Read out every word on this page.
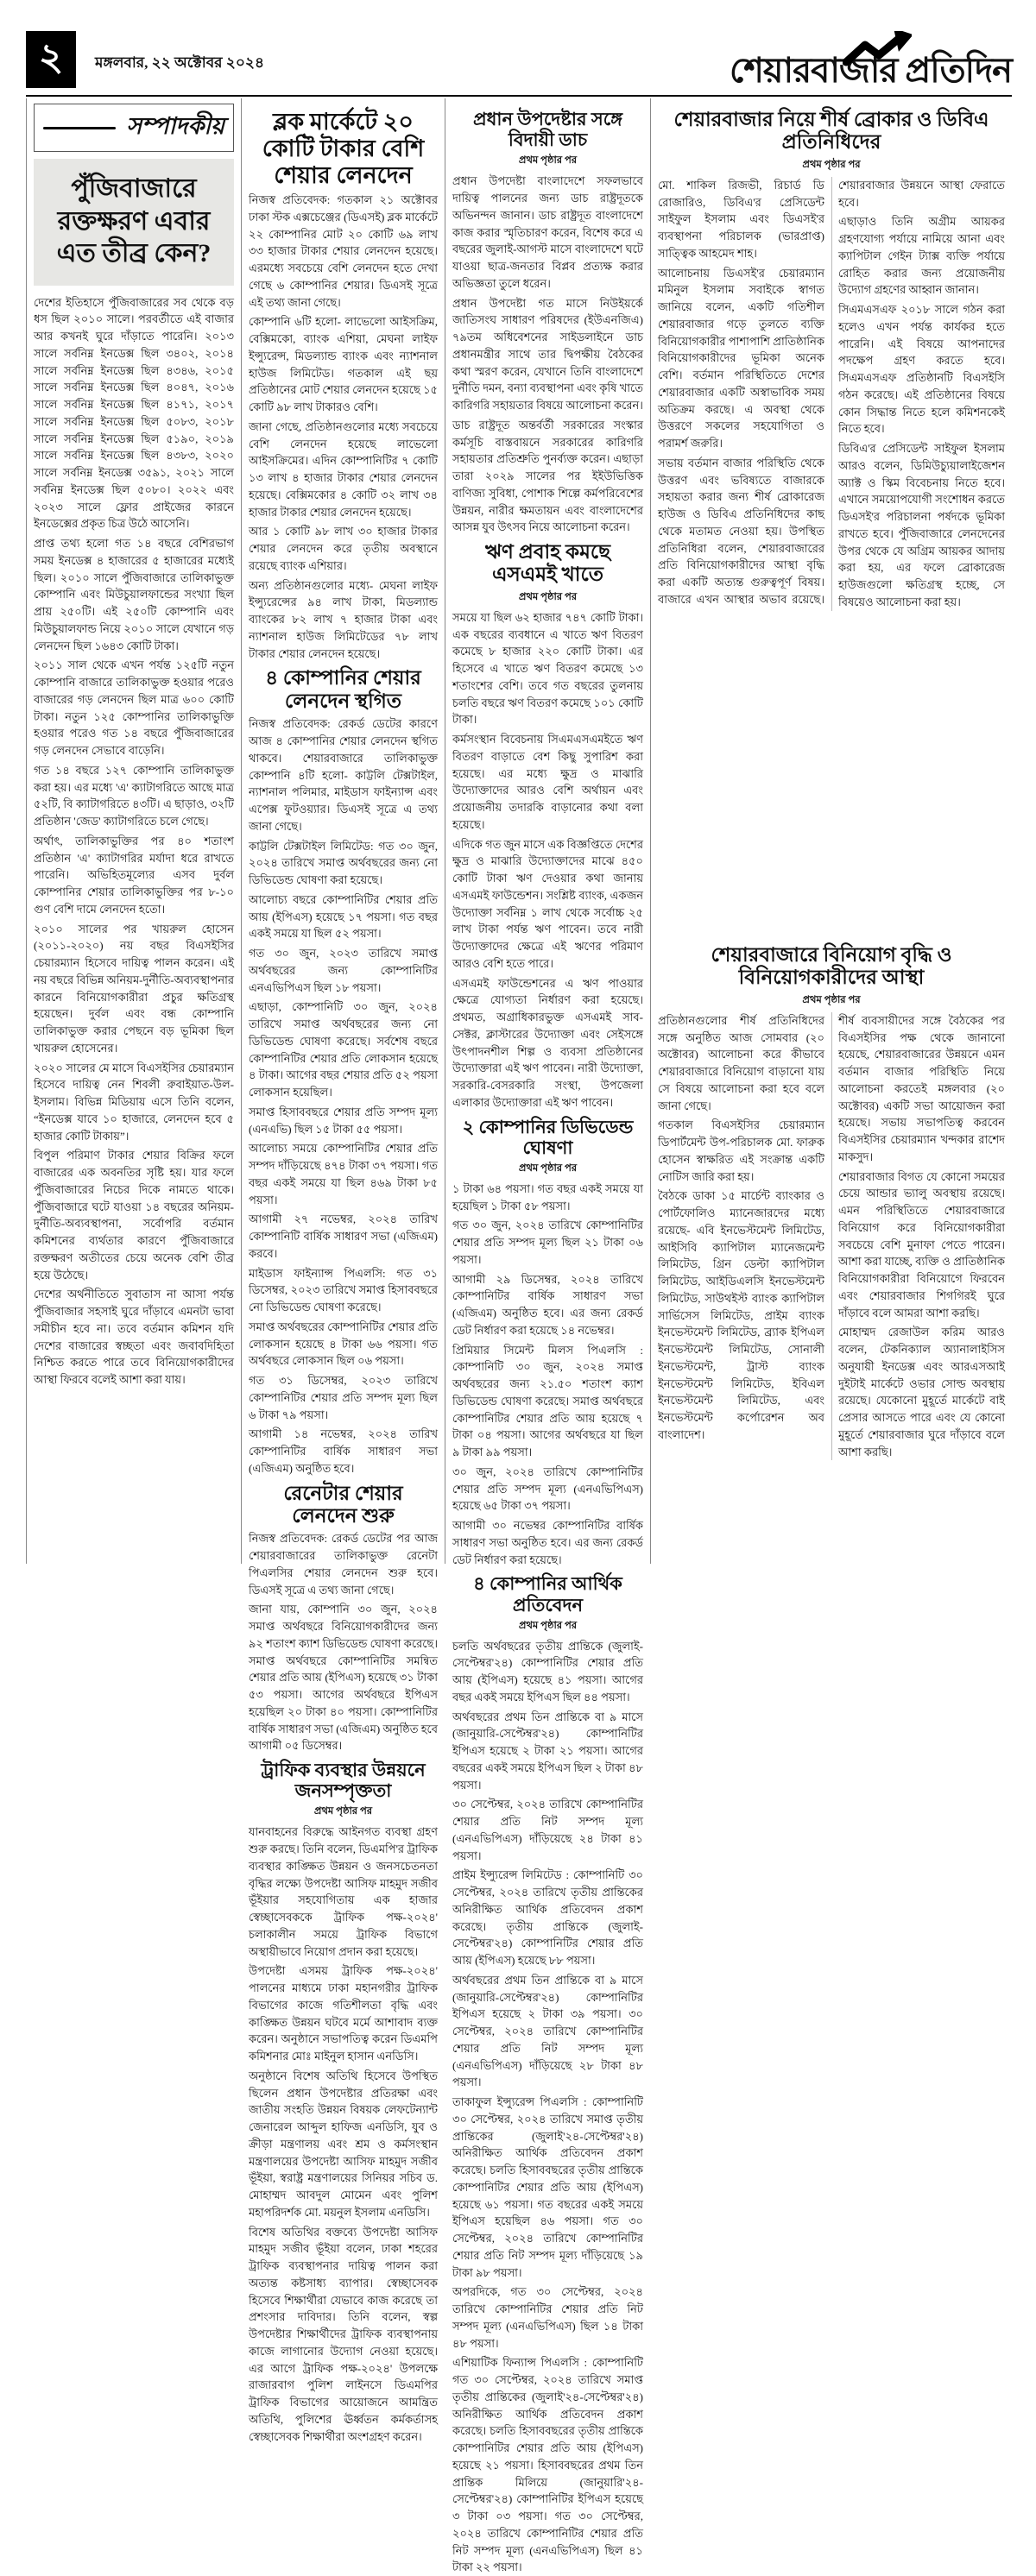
২ মঙ্গলবার, ২২ অক্টোবর ২০২৪	শেয়ারবাজার প্রতিদিন
সম্পাদকীয়
পুঁজিবাজারে রক্তক্ষরণ এবার এত তীব্র কেন?

দেশের ইতিহাসে পুঁজিবাজারের সব থেকে বড় ধস ছিল ২০১০ সালে। পরবর্তীতে এই বাজার আর কখনই ঘুরে দাঁড়াতে পারেনি। ২০১৩ সালে সর্বনিম্ন ইনডেক্স ছিল ৩৪০২, ২০১৪ সালে সর্বনিম্ন ইনডেক্স ছিল ৪৩৪৬, ২০১৫ সালে সর্বনিম্ন ইনডেক্স ছিল ৪০৪৭, ২০১৬ সালে সর্বনিম্ন ইনডেক্স ছিল ৪১৭১, ২০১৭ সালে সর্বনিম্ন ইনডেক্স ছিল ৫০৮৩, ২০১৮ সালে সর্বনিম্ন ইনডেক্স ছিল ৫১৯০, ২০১৯ সালে সর্বনিম্ন ইনডেক্স ছিল ৪৩৮৩, ২০২০ সালে সর্বনিম্ন ইনডেক্স ৩৫৯১, ২০২১ সালে সর্বনিম্ন ইনডেক্স ছিল ৫০৮০। ২০২২ এবং ২০২৩ সালে ফ্লোর প্রাইজের কারনে ইনডেক্সের প্রকৃত চিত্র উঠে আসেনি।

প্রাপ্ত তথ্য হলো গত ১৪ বছরে বেশিরভাগ সময় ইনডেক্স ৪ হাজারের ৫ হাজারের মধ্যেই ছিল। ২০১০ সালে পুঁজিবাজারে তালিকাভুক্ত কোম্পানি এবং মিউচুয়ালফান্ডের সংখ্যা ছিল প্রায় ২৫০টি। এই ২৫০টি কোম্পানি এবং মিউচুয়ালফান্ড নিয়ে ২০১০ সালে যেখানে গড় লেনদেন ছিল ১৬৪৩ কোটি টাকা।

২০১১ সাল থেকে এখন পর্যন্ত ১২৫টি নতুন কোম্পানি বাজারে তালিকাভুক্ত হওয়ার পরেও বাজারের গড় লেনদেন ছিল মাত্র ৬০০ কোটি টাকা। নতুন ১২৫ কোম্পানির তালিকাভুক্তি হওয়ার পরেও গত ১৪ বছরে পুঁজিবাজারের গড় লেনদেন সেভাবে বাড়েনি।

গত ১৪ বছরে ১২৭ কোম্পানি তালিকাভুক্ত করা হয়। এর মধ্যে 'এ' ক্যাটাগরিতে আছে মাত্র ৫২টি, বি ক্যাটাগরিতে ৪৩টি। এ ছাড়াও, ৩২টি প্রতিষ্ঠান 'জেড' ক্যাটাগরিতে চলে গেছে।

অর্থাৎ, তালিকাভুক্তির পর ৪০ শতাংশ প্রতিষ্ঠান 'এ' ক্যাটাগরির মর্যাদা ধরে রাখতে পারেনি। অভিহিতমূল্যের এসব দুর্বল কোম্পানির শেয়ার তালিকাভুক্তির পর ৮-১০ গুণ বেশি দামে লেনদেন হতো।

২০১০ সালের পর খায়রুল হোসেন (২০১১-২০২০) নয় বছর বিএসইসির চেয়ারম্যান হিসেবে দায়িত্ব পালন করেন। এই নয় বছরে বিভিন্ন অনিয়ম-দুর্নীতি-অব্যবস্থাপনার কারনে বিনিয়োগকারীরা প্রচুর ক্ষতিগ্রস্থ হয়েছেন। দুর্বল এবং বন্ধ কোম্পানি তালিকাভুক্ত করার পেছনে বড় ভূমিকা ছিল খায়রুল হোসেনের।

২০২০ সালের মে মাসে বিএসইসির চেয়ারম্যান হিসেবে দায়িত্ব নেন শিবলী রুবাইয়াত-উল-ইসলাম। বিভিন্ন মিডিয়ায় এসে তিনি বলেন, “ইনডেক্স যাবে ১০ হাজারে, লেনদেন হবে ৫ হাজার কোটি টাকায়”।

বিপুল পরিমাণ টাকার শেয়ার বিক্রির ফলে বাজারের এক অবনতির সৃষ্টি হয়। যার ফলে পুঁজিবাজারের নিচের দিকে নামতে থাকে। পুঁজিবাজারে ঘটে যাওয়া ১৪ বছরের অনিয়ম-দুর্নীতি-অব্যবস্থাপনা, সর্বোপরি বর্তমান কমিশনের ব্যর্থতার কারণে পুঁজিবাজারে রক্তক্ষরণ অতীতের চেয়ে অনেক বেশি তীব্র হয়ে উঠেছে।

দেশের অর্থনীতিতে সুবাতাস না আসা পর্যন্ত পুঁজিবাজার সহসাই ঘুরে দাঁড়াবে এমনটা ভাবা সমীচীন হবে না। তবে বর্তমান কমিশন যদি দেশের বাজারের স্বচ্ছতা এবং জবাবদিহিতা নিশ্চিত করতে পারে তবে বিনিয়োগকারীদের আস্থা ফিরবে বলেই আশা করা যায়।

ব্লক মার্কেটে ২০ কোটি টাকার বেশি শেয়ার লেনদেন

নিজস্ব প্রতিবেদক: গতকাল ২১ অক্টোবর ঢাকা স্টক এক্সচেঞ্জের (ডিএসই) ব্লক মার্কেটে ২২ কোম্পানির মোট ২০ কোটি ৬৯ লাখ ৩৩ হাজার টাকার শেয়ার লেনদেন হয়েছে। এরমধ্যে সবচেয়ে বেশি লেনদেন হতে দেখা গেছে ৬ কোম্পানির শেয়ার। ডিএসই সূত্রে এই তথ্য জানা গেছে।

কোম্পানি ৬টি হলো- লাভেলো আইসক্রিম, বেক্সিমকো, ব্যাংক এশিয়া, মেঘনা লাইফ ইন্স্যুরেন্স, মিডল্যান্ড ব্যাংক এবং ন্যাশনাল হাউজ লিমিটেড। গতকাল এই ছয় প্রতিষ্ঠানের মোট শেয়ার লেনদেন হয়েছে ১৫ কোটি ৯৮ লাখ টাকারও বেশি।

জানা গেছে, প্রতিষ্ঠানগুলোর মধ্যে সবচেয়ে বেশি লেনদেন হয়েছে লাভেলো আইসক্রিমের। এদিন কোম্পানিটির ৭ কোটি ১৩ লাখ ৪ হাজার টাকার শেয়ার লেনদেন হয়েছে। বেক্সিমকোর ৪ কোটি ৩২ লাখ ৩৪ হাজার টাকার শেয়ার লেনদেন হয়েছে।

আর ১ কোটি ৯৮ লাখ ৩০ হাজার টাকার শেয়ার লেনদেন করে তৃতীয় অবস্থানে রয়েছে ব্যাংক এশিয়ার।

অন্য প্রতিষ্ঠানগুলোর মধ্যে- মেঘনা লাইফ ইন্স্যুরেন্সের ৯৪ লাখ টাকা, মিডল্যান্ড ব্যাংকের ৮২ লাখ ৭ হাজার টাকা এবং ন্যাশনাল হাউজ লিমিটেডের ৭৮ লাখ টাকার শেয়ার লেনদেন হয়েছে।

৪ কোম্পানির শেয়ার লেনদেন স্থগিত

নিজস্ব প্রতিবেদক: রেকর্ড ডেটের কারণে আজ ৪ কোম্পানির শেয়ার লেনদেন স্থগিত থাকবে। শেয়ারবাজারে তালিকাভুক্ত কোম্পানি ৪টি হলো- কাট্টলি টেক্সটাইল, ন্যাশনাল পলিমার, মাইডাস ফাইন্যান্স এবং এপেক্স ফুটওয়্যার। ডিএসই সূত্রে এ তথ্য জানা গেছে।

কাট্টলি টেক্সটাইল লিমিটেড: গত ৩০ জুন, ২০২৪ তারিখে সমাপ্ত অর্থবছরের জন্য নো ডিভিডেন্ড ঘোষণা করা হয়েছে।

আলোচ্য বছরে কোম্পানিটির শেয়ার প্রতি আয় (ইপিএস) হয়েছে ১৭ পয়সা। গত বছর একই সময়ে যা ছিল ৫২ পয়সা।

গত ৩০ জুন, ২০২৩ তারিখে সমাপ্ত অর্থবছরের জন্য কোম্পানিটির এনএভিপিএস ছিল ১৮ পয়সা।

এছাড়া, কোম্পানিটি ৩০ জুন, ২০২৪ তারিখে সমাপ্ত অর্থবছরের জন্য নো ডিভিডেন্ড ঘোষণা করেছে। সর্বশেষ বছরে কোম্পানিটির শেয়ার প্রতি লোকসান হয়েছে ৪ টাকা। আগের বছর শেয়ার প্রতি ৫২ পয়সা লোকসান হয়েছিল।

সমাপ্ত হিসাববছরে শেয়ার প্রতি সম্পদ মূল্য (এনএভি) ছিল ১৫ টাকা ৫৫ পয়সা।

আলোচ্য সময়ে কোম্পানিটির শেয়ার প্রতি সম্পদ দাঁড়িয়েছে ৪৭৪ টাকা ৩৭ পয়সা। গত বছর একই সময়ে যা ছিল ৪৬৯ টাকা ৮৫ পয়সা।

আগামী ২৭ নভেম্বর, ২০২৪ তারিখ কোম্পানিটি বার্ষিক সাধারণ সভা (এজিএম) করবে।

মাইডাস ফাইন্যান্স পিএলসি: গত ৩১ ডিসেম্বর, ২০২৩ তারিখে সমাপ্ত হিসাববছরে নো ডিভিডেন্ড ঘোষণা করেছে।

সমাপ্ত অর্থবছরের কোম্পানিটির শেয়ার প্রতি লোকসান হয়েছে ৪ টাকা ৬৬ পয়সা। গত অর্থবছরে লোকসান ছিল ০৬ পয়সা।

গত ৩১ ডিসেম্বর, ২০২৩ তারিখে কোম্পানিটির শেয়ার প্রতি সম্পদ মূল্য ছিল ৬ টাকা ৭৯ পয়সা।

আগামী ১৪ নভেম্বর, ২০২৪ তারিখ কোম্পানিটির বার্ষিক সাধারণ সভা (এজিএম) অনুষ্ঠিত হবে।

রেনেটার শেয়ার লেনদেন শুরু

নিজস্ব প্রতিবেদক: রেকর্ড ডেটের পর আজ শেয়ারবাজারের তালিকাভুক্ত রেনেটা পিএলসির শেয়ার লেনদেন শুরু হবে। ডিএসই সূত্রে এ তথ্য জানা গেছে।

জানা যায়, কোম্পানি ৩০ জুন, ২০২৪ সমাপ্ত অর্থবছরে বিনিয়োগকারীদের জন্য ৯২ শতাংশ ক্যাশ ডিভিডেন্ড ঘোষণা করেছে। সমাপ্ত অর্থবছরে কোম্পানিটির সমন্বিত শেয়ার প্রতি আয় (ইপিএস) হয়েছে ৩১ টাকা ৫৩ পয়সা। আগের অর্থবছরে ইপিএস হয়েছিল ২০ টাকা ৪০ পয়সা। কোম্পানিটির বার্ষিক সাধারণ সভা (এজিএম) অনুষ্ঠিত হবে আগামী ০৫ ডিসেম্বর।

ট্রাফিক ব্যবস্থার উন্নয়নে জনসম্পৃক্ততা
প্রথম পৃষ্ঠার পর

যানবাহনের বিরুদ্ধে আইনগত ব্যবস্থা গ্রহণ শুরু করছে। তিনি বলেন, ডিএমপি'র ট্রাফিক ব্যবস্থার কাঙ্ক্ষিত উন্নয়ন ও জনসচেতনতা বৃদ্ধির লক্ষ্যে উপদেষ্টা আসিফ মাহমুদ সজীব ভূঁইয়ার সহযোগিতায় এক হাজার স্বেচ্ছাসেবককে ট্রাফিক পক্ষ-২০২৪' চলাকালীন সময়ে ট্রাফিক বিভাগে অস্থায়ীভাবে নিয়োগ প্রদান করা হয়েছে।

উপদেষ্টা এসময় ট্রাফিক পক্ষ-২০২৪' পালনের মাধ্যমে ঢাকা মহানগরীর ট্রাফিক বিভাগের কাজে গতিশীলতা বৃদ্ধি এবং কাঙ্ক্ষিত উন্নয়ন ঘটবে মর্মে আশাবাদ ব্যক্ত করেন। অনুষ্ঠানে সভাপতিত্ব করেন ডিএমপি কমিশনার মোঃ মাইনুল হাসান এনডিসি।

অনুষ্ঠানে বিশেষ অতিথি হিসেবে উপস্থিত ছিলেন প্রধান উপদেষ্টার প্রতিরক্ষা এবং জাতীয় সংহতি উন্নয়ন বিষয়ক লেফটেন্যান্ট জেনারেল আব্দুল হাফিজ এনডিসি, যুব ও ক্রীড়া মন্ত্রণালয় এবং শ্রম ও কর্মসংস্থান মন্ত্রণালয়ের উপদেষ্টা আসিফ মাহমুদ সজীব ভূঁইয়া, স্বরাষ্ট্র মন্ত্রণালয়ের সিনিয়র সচিব ড. মোহাম্মদ আবদুল মোমেন এবং পুলিশ মহাপরিদর্শক মো. ময়নুল ইসলাম এনডিসি।

বিশেষ অতিথির বক্তব্যে উপদেষ্টা আসিফ মাহমুদ সজীব ভূঁইয়া বলেন, ঢাকা শহরের ট্রাফিক ব্যবস্থাপনার দায়িত্ব পালন করা অত্যন্ত কষ্টসাধ্য ব্যাপার। স্বেচ্ছাসেবক হিসেবে শিক্ষার্থীরা যেভাবে কাজ করেছে তা প্রশংসার দাবিদার। তিনি বলেন, স্বল্প উপদেষ্টার শিক্ষার্থীদের ট্রাফিক ব্যবস্থাপনায় কাজে লাগানোর উদ্যোগ নেওয়া হয়েছে। এর আগে ট্রাফিক পক্ষ-২০২৪' উপলক্ষে রাজারবাগ পুলিশ লাইনসে ডিএমপির ট্রাফিক বিভাগের আয়োজনে আমন্ত্রিত অতিথি, পুলিশের ঊর্ধ্বতন কর্মকর্তাসহ স্বেচ্ছাসেবক শিক্ষার্থীরা অংশগ্রহণ করেন।

প্রধান উপদেষ্টার সঙ্গে বিদায়ী ডাচ
প্রথম পৃষ্ঠার পর

প্রধান উপদেষ্টা বাংলাদেশে সফলভাবে দায়িত্ব পালনের জন্য ডাচ রাষ্ট্রদূতকে অভিনন্দন জানান। ডাচ রাষ্ট্রদূত বাংলাদেশে কাজ করার স্মৃতিচারণ করেন, বিশেষ করে এ বছরের জুলাই-আগস্ট মাসে বাংলাদেশে ঘটে যাওয়া ছাত্র-জনতার বিপ্লব প্রত্যক্ষ করার অভিজ্ঞতা তুলে ধরেন।

প্রধান উপদেষ্টা গত মাসে নিউইয়র্কে জাতিসংঘ সাধারণ পরিষদের (ইউএনজিএ) ৭৯তম অধিবেশনের সাইডলাইনে ডাচ প্রধানমন্ত্রীর সাথে তার দ্বিপক্ষীয় বৈঠকের কথা স্মরণ করেন, যেখানে তিনি বাংলাদেশে দুর্নীতি দমন, বন্যা ব্যবস্থাপনা এবং কৃষি খাতে কারিগরি সহায়তার বিষয়ে আলোচনা করেন।

ডাচ রাষ্ট্রদূত অন্তর্বর্তী সরকারের সংস্কার কর্মসূচি বাস্তবায়নে সরকারের কারিগরি সহায়তার প্রতিশ্রুতি পুনর্ব্যক্ত করেন। এছাড়া তারা ২০২৯ সালের পর ইইউভিত্তিক বাণিজ্য সুবিধা, পোশাক শিল্পে কর্মপরিবেশের উন্নয়ন, নারীর ক্ষমতায়ন এবং বাংলাদেশের আসন্ন যুব উৎসব নিয়ে আলোচনা করেন।

ঋণ প্রবাহ কমছে এসএমই খাতে
প্রথম পৃষ্ঠার পর

সময়ে যা ছিল ৬২ হাজার ৭৪৭ কোটি টাকা। এক বছরের ব্যবধানে এ খাতে ঋণ বিতরণ কমেছে ৮ হাজার ২২০ কোটি টাকা। এর হিসেবে এ খাতে ঋণ বিতরণ কমেছে ১৩ শতাংশের বেশি। তবে গত বছরের তুলনায় চলতি বছরে ঋণ বিতরণ কমেছে ১০১ কোটি টাকা।

কর্মসংস্থান বিবেচনায় সিএমএসএমইতে ঋণ বিতরণ বাড়াতে বেশ কিছু সুপারিশ করা হয়েছে। এর মধ্যে ক্ষুদ্র ও মাঝারি উদ্যোক্তাদের আরও বেশি অর্থায়ন এবং প্রয়োজনীয় তদারকি বাড়ানোর কথা বলা হয়েছে।

এদিকে গত জুন মাসে এক বিজ্ঞপ্তিতে দেশের ক্ষুদ্র ও মাঝারি উদ্যোক্তাদের মাঝে ৪৫০ কোটি টাকা ঋণ দেওয়ার কথা জানায় এসএমই ফাউন্ডেশন। সংশ্লিষ্ট ব্যাংক, একজন উদ্যোক্তা সর্বনিম্ন ১ লাখ থেকে সর্বোচ্চ ২৫ লাখ টাকা পর্যন্ত ঋণ পাবেন। তবে নারী উদ্যোক্তাদের ক্ষেত্রে এই ঋণের পরিমাণ আরও বেশি হতে পারে।

এসএমই ফাউন্ডেশনের এ ঋণ পাওয়ার ক্ষেত্রে যোগ্যতা নির্ধারণ করা হয়েছে। প্রথমত, অগ্রাধিকারভুক্ত এসএমই সাব-সেক্টর, ক্লাস্টারের উদ্যোক্তা এবং সেইসঙ্গে উৎপাদনশীল শিল্প ও ব্যবসা প্রতিষ্ঠানের উদ্যোক্তারা এই ঋণ পাবেন। নারী উদ্যোক্তা, সরকারি-বেসরকারি সংস্থা, উপজেলা এলাকার উদ্যোক্তারা এই ঋণ পাবেন।

২ কোম্পানির ডিভিডেন্ড ঘোষণা
প্রথম পৃষ্ঠার পর

১ টাকা ৬৪ পয়সা। গত বছর একই সময়ে যা হয়েছিল ১ টাকা ৫৮ পয়সা।

গত ৩০ জুন, ২০২৪ তারিখে কোম্পানিটির শেয়ার প্রতি সম্পদ মূল্য ছিল ২১ টাকা ০৬ পয়সা।

আগামী ২৯ ডিসেম্বর, ২০২৪ তারিখে কোম্পানিটির বার্ষিক সাধারণ সভা (এজিএম) অনুষ্ঠিত হবে। এর জন্য রেকর্ড ডেট নির্ধারণ করা হয়েছে ১৪ নভেম্বর।

প্রিমিয়ার সিমেন্ট মিলস পিএলসি : কোম্পানিটি ৩০ জুন, ২০২৪ সমাপ্ত অর্থবছরের জন্য ২১.৫০ শতাংশ ক্যাশ ডিভিডেন্ড ঘোষণা করেছে। সমাপ্ত অর্থবছরে কোম্পানিটির শেয়ার প্রতি আয় হয়েছে ৭ টাকা ০৪ পয়সা। আগের অর্থবছরে যা ছিল ৯ টাকা ৯৯ পয়সা।

৩০ জুন, ২০২৪ তারিখে কোম্পানিটির শেয়ার প্রতি সম্পদ মূল্য (এনএভিপিএস) হয়েছে ৬৫ টাকা ৩৭ পয়সা।

আগামী ৩০ নভেম্বর কোম্পানিটির বার্ষিক সাধারণ সভা অনুষ্ঠিত হবে। এর জন্য রেকর্ড ডেট নির্ধারণ করা হয়েছে।

৪ কোম্পানির আর্থিক প্রতিবেদন
প্রথম পৃষ্ঠার পর

চলতি অর্থবছরের তৃতীয় প্রান্তিকে (জুলাই-সেপ্টেম্বর'২৪) কোম্পানিটির শেয়ার প্রতি আয় (ইপিএস) হয়েছে ৪১ পয়সা। আগের বছর একই সময়ে ইপিএস ছিল ৪৪ পয়সা।

অর্থবছরের প্রথম তিন প্রান্তিকে বা ৯ মাসে (জানুয়ারি-সেপ্টেম্বর'২৪) কোম্পানিটির ইপিএস হয়েছে ২ টাকা ২১ পয়সা। আগের বছরের একই সময়ে ইপিএস ছিল ২ টাকা ৪৮ পয়সা।

৩০ সেপ্টেম্বর, ২০২৪ তারিখে কোম্পানিটির শেয়ার প্রতি নিট সম্পদ মূল্য (এনএভিপিএস) দাঁড়িয়েছে ২৪ টাকা ৪১ পয়সা।

প্রাইম ইন্স্যুরেন্স লিমিটেড : কোম্পানিটি ৩০ সেপ্টেম্বর, ২০২৪ তারিখে তৃতীয় প্রান্তিকের অনিরীক্ষিত আর্থিক প্রতিবেদন প্রকাশ করেছে। তৃতীয় প্রান্তিকে (জুলাই-সেপ্টেম্বর'২৪) কোম্পানিটির শেয়ার প্রতি আয় (ইপিএস) হয়েছে ৮৮ পয়সা।

অর্থবছরের প্রথম তিন প্রান্তিকে বা ৯ মাসে (জানুয়ারি-সেপ্টেম্বর'২৪) কোম্পানিটির ইপিএস হয়েছে ২ টাকা ৩৯ পয়সা। ৩০ সেপ্টেম্বর, ২০২৪ তারিখে কোম্পানিটির শেয়ার প্রতি নিট সম্পদ মূল্য (এনএভিপিএস) দাঁড়িয়েছে ২৮ টাকা ৪৮ পয়সা।

তাকাফুল ইন্স্যুরেন্স পিএলসি : কোম্পানিটি ৩০ সেপ্টেম্বর, ২০২৪ তারিখে সমাপ্ত তৃতীয় প্রান্তিকের (জুলাই'২৪-সেপ্টেম্বর'২৪) অনিরীক্ষিত আর্থিক প্রতিবেদন প্রকাশ করেছে। চলতি হিসাববছরের তৃতীয় প্রান্তিকে কোম্পানিটির শেয়ার প্রতি আয় (ইপিএস) হয়েছে ৬১ পয়সা। গত বছরের একই সময়ে ইপিএস হয়েছিল ৪৬ পয়সা। গত ৩০ সেপ্টেম্বর, ২০২৪ তারিখে কোম্পানিটির শেয়ার প্রতি নিট সম্পদ মূল্য দাঁড়িয়েছে ১৯ টাকা ৯৮ পয়সা।

অপরদিকে, গত ৩০ সেপ্টেম্বর, ২০২৪ তারিখে কোম্পানিটির শেয়ার প্রতি নিট সম্পদ মূল্য (এনএভিপিএস) ছিল ১৪ টাকা ৪৮ পয়সা।

এশিয়াটিক ফিন্যান্স পিএলসি : কোম্পানিটি গত ৩০ সেপ্টেম্বর, ২০২৪ তারিখে সমাপ্ত তৃতীয় প্রান্তিকের (জুলাই'২৪-সেপ্টেম্বর'২৪) অনিরীক্ষিত আর্থিক প্রতিবেদন প্রকাশ করেছে। চলতি হিসাববছরের তৃতীয় প্রান্তিকে কোম্পানিটির শেয়ার প্রতি আয় (ইপিএস) হয়েছে ২১ পয়সা। হিসাববছরের প্রথম তিন প্রান্তিক মিলিয়ে (জানুয়ারি'২৪-সেপ্টেম্বর'২৪) কোম্পানিটির ইপিএস হয়েছে ৩ টাকা ০৩ পয়সা। গত ৩০ সেপ্টেম্বর, ২০২৪ তারিখে কোম্পানিটির শেয়ার প্রতি নিট সম্পদ মূল্য (এনএভিপিএস) ছিল ৪১ টাকা ২২ পয়সা।

শেয়ারবাজার নিয়ে শীর্ষ ব্রোকার ও ডিবিএ প্রতিনিধিদের
প্রথম পৃষ্ঠার পর

মো. শাকিল রিজভী, রিচার্ড ডি রোজারিও, ডিবিএ'র প্রেসিডেন্ট সাইফুল ইসলাম এবং ডিএসই'র ব্যবস্থাপনা পরিচালক (ভারপ্রাপ্ত) সাত্ত্বিক আহমেদ শাহ।

আলোচনায় ডিএসই'র চেয়ারম্যান মমিনুল ইসলাম সবাইকে স্বাগত জানিয়ে বলেন, একটি গতিশীল শেয়ারবাজার গড়ে তুলতে ব্যক্তি বিনিয়োগকারীর পাশাপাশি প্রাতিষ্ঠানিক বিনিয়োগকারীদের ভূমিকা অনেক বেশি। বর্তমান পরিস্থিতিতে দেশের শেয়ারবাজার একটি অস্বাভাবিক সময় অতিক্রম করছে। এ অবস্থা থেকে উত্তরণে সকলের সহযোগিতা ও পরামর্শ জরুরি।

সভায় বর্তমান বাজার পরিস্থিতি থেকে উত্তরণ এবং ভবিষ্যতে বাজারকে সহায়তা করার জন্য শীর্ষ ব্রোকারেজ হাউজ ও ডিবিএ প্রতিনিধিদের কাছ থেকে মতামত নেওয়া হয়। উপস্থিত প্রতিনিধিরা বলেন, শেয়ারবাজারের প্রতি বিনিয়োগকারীদের আস্থা বৃদ্ধি করা একটি অত্যন্ত গুরুত্বপূর্ণ বিষয়। বাজারে এখন আস্থার অভাব রয়েছে। শেয়ারবাজার উন্নয়নে আস্থা ফেরাতে হবে।

এছাড়াও তিনি অগ্রীম আয়কর গ্রহণযোগ্য পর্যায়ে নামিয়ে আনা এবং ক্যাপিটাল গেইন ট্যাক্স ব্যক্তি পর্যায়ে রোহিত করার জন্য প্রয়োজনীয় উদ্যোগ গ্রহণের আহ্বান জানান।

সিএমএসএফ ২০১৮ সালে গঠন করা হলেও এখন পর্যন্ত কার্যকর হতে পারেনি। এই বিষয়ে আপনাদের পদক্ষেপ গ্রহণ করতে হবে। সিএমএসএফ প্রতিষ্ঠানটি বিএসইসি গঠন করেছে। এই প্রতিষ্ঠানের বিষয়ে কোন সিদ্ধান্ত নিতে হলে কমিশনকেই নিতে হবে।

ডিবিএ'র প্রেসিডেন্ট সাইফুল ইসলাম আরও বলেন, ডিমিউচ্যুয়ালাইজেশন অ্যাক্ট ও স্কিম বিবেচনায় নিতে হবে। এখানে সময়োপযোগী সংশোধন করতে ডিএসই'র পরিচালনা পর্ষদকে ভূমিকা রাখতে হবে। পুঁজিবাজারে লেনদেনের উপর থেকে যে অগ্রিম আয়কর আদায় করা হয়, এর ফলে ব্রোকারেজ হাউজগুলো ক্ষতিগ্রস্থ হচ্ছে, সে বিষয়েও আলোচনা করা হয়।

শেয়ারবাজারে বিনিয়োগ বৃদ্ধি ও বিনিয়োগকারীদের আস্থা
প্রথম পৃষ্ঠার পর

প্রতিষ্ঠানগুলোর শীর্ষ প্রতিনিধিদের সঙ্গে অনুষ্ঠিত আজ সোমবার (২০ অক্টোবর) আলোচনা করে কীভাবে শেয়ারবাজারে বিনিয়োগ বাড়ানো যায় সে বিষয়ে আলোচনা করা হবে বলে জানা গেছে।

গতকাল বিএসইসির চেয়ারম্যান ডিপার্টমেন্ট উপ-পরিচালক মো. ফারুক হোসেন স্বাক্ষরিত এই সংক্রান্ত একটি নোটিস জারি করা হয়।

বৈঠকে ডাকা ১৫ মার্চেন্ট ব্যাংকার ও পোর্টফোলিও ম্যানেজারদের মধ্যে রয়েছে- এবি ইনভেস্টমেন্ট লিমিটেড, আইসিবি ক্যাপিটাল ম্যানেজমেন্ট লিমিটেড, গ্রিন ডেল্টা ক্যাপিটাল লিমিটেড, আইডিএলসি ইনভেস্টমেন্ট লিমিটেড, সাউথইস্ট ব্যাংক ক্যাপিটাল সার্ভিসেস লিমিটেড, প্রাইম ব্যাংক ইনভেস্টমেন্ট লিমিটেড, ব্র্যাক ইপিএল ইনভেস্টমেন্ট লিমিটেড, সোনালী ইনভেস্টমেন্ট, ট্রাস্ট ব্যাংক ইনভেস্টমেন্ট লিমিটেড, ইবিএল ইনভেস্টমেন্ট লিমিটেড, এবং ইনভেস্টমেন্ট কর্পোরেশন অব বাংলাদেশ।

শীর্ষ ব্যবসায়ীদের সঙ্গে বৈঠকের পর বিএসইসির পক্ষ থেকে জানানো হয়েছে, শেয়ারবাজারের উন্নয়নে এমন বর্তমান বাজার পরিস্থিতি নিয়ে আলোচনা করতেই মঙ্গলবার (২০ অক্টোবর) একটি সভা আয়োজন করা হয়েছে। সভায় সভাপতিত্ব করবেন বিএসইসির চেয়ারম্যান খন্দকার রাশেদ মাকসুদ।

শেয়ারবাজার বিগত যে কোনো সময়ের চেয়ে আন্ডার ভ্যালু অবস্থায় রয়েছে। এমন পরিস্থিতিতে শেয়ারবাজারে বিনিয়োগ করে বিনিয়োগকারীরা সবচেয়ে বেশি মুনাফা পেতে পারেন। আশা করা যাচ্ছে, ব্যক্তি ও প্রাতিষ্ঠানিক বিনিয়োগকারীরা বিনিয়োগে ফিরবেন এবং শেয়ারবাজার শিগগিরই ঘুরে দাঁড়াবে বলে আমরা আশা করছি।

মোহাম্মদ রেজাউল করিম আরও বলেন, টেকনিক্যাল অ্যানালাইসিস অনুযায়ী ইনডেক্স এবং আরএসআই দুইটাই মার্কেটে ওভার সোল্ড অবস্থায় রয়েছে। যেকোনো মুহূর্তে মার্কেটে বাই প্রেসার আসতে পারে এবং যে কোনো মুহূর্তে শেয়ারবাজার ঘুরে দাঁড়াবে বলে আশা করছি।
